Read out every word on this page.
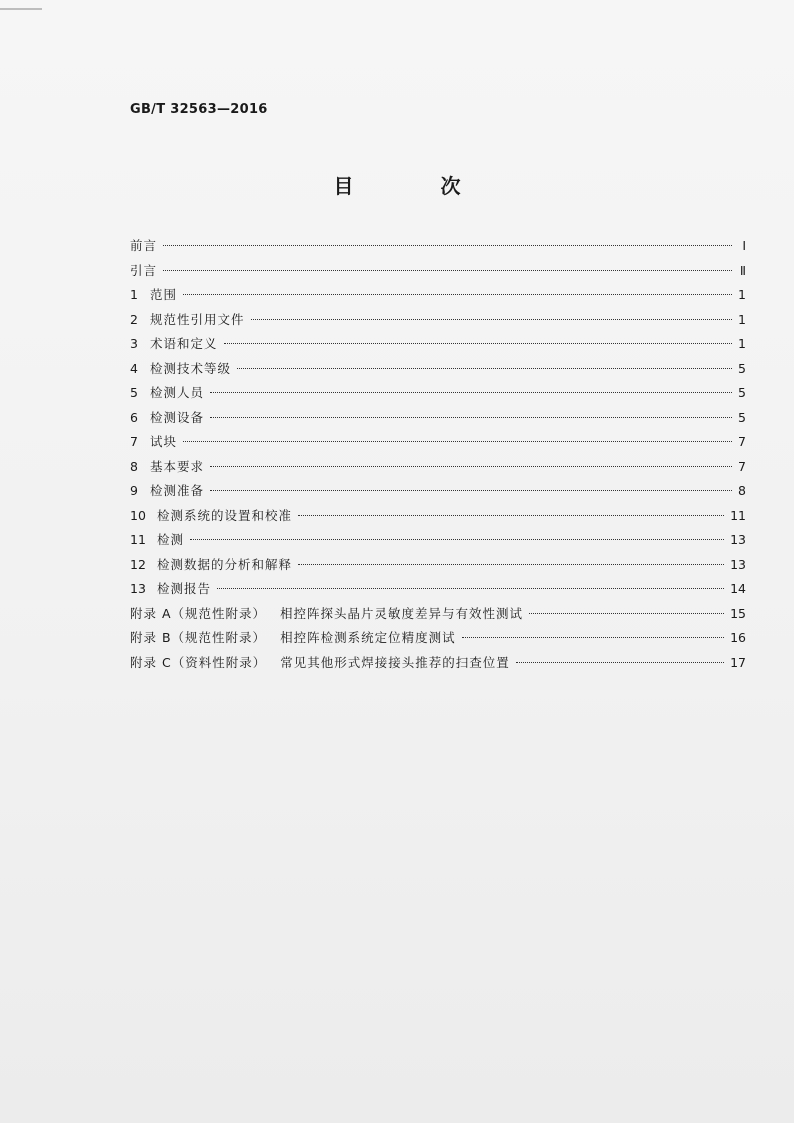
GB/T 32563—2016
目 次
前言	Ⅰ
引言	Ⅱ
1 范围	1
2 规范性引用文件	1
3 术语和定义	1
4 检测技术等级	5
5 检测人员	5
6 检测设备	5
7 试块	7
8 基本要求	7
9 检测准备	8
10 检测系统的设置和校准	11
11 检测	13
12 检测数据的分析和解释	13
13 检测报告	14
附录 A（规范性附录） 相控阵探头晶片灵敏度差异与有效性测试	15
附录 B（规范性附录） 相控阵检测系统定位精度测试	16
附录 C（资料性附录） 常见其他形式焊接接头推荐的扫查位置	17
